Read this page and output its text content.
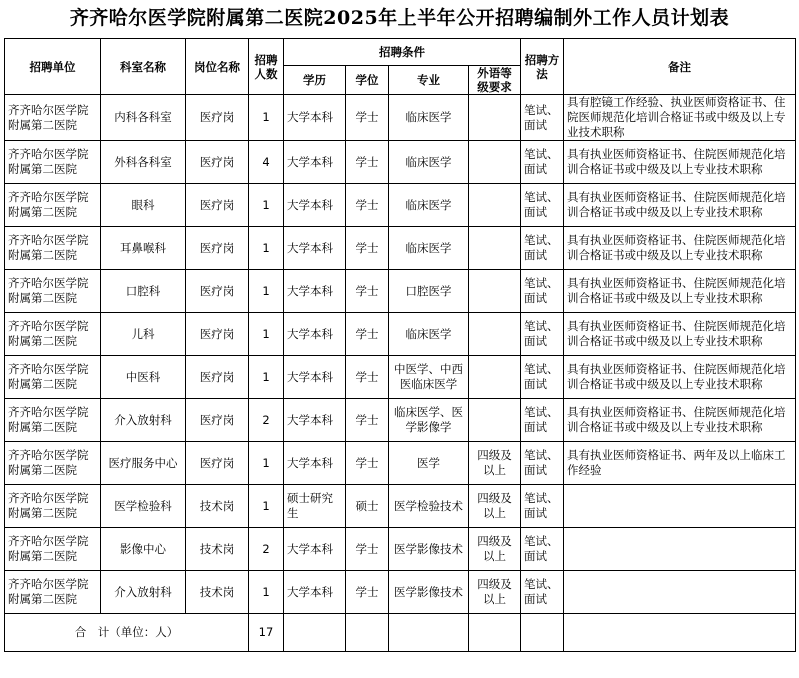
齐齐哈尔医学院附属第二医院2025年上半年公开招聘编制外工作人员计划表
招聘单位	科室名称	岗位名称	招聘人数	招聘条件				招聘方法	备注
				学历	学位	专业	外语等级要求		
齐齐哈尔医学院附属第二医院	内科各科室	医疗岗	1	大学本科	学士	临床医学		笔试、面试	具有腔镜工作经验、执业医师资格证书、住院医师规范化培训合格证书或中级及以上专业技术职称
齐齐哈尔医学院附属第二医院	外科各科室	医疗岗	4	大学本科	学士	临床医学		笔试、面试	具有执业医师资格证书、住院医师规范化培训合格证书或中级及以上专业技术职称
齐齐哈尔医学院附属第二医院	眼科	医疗岗	1	大学本科	学士	临床医学		笔试、面试	具有执业医师资格证书、住院医师规范化培训合格证书或中级及以上专业技术职称
齐齐哈尔医学院附属第二医院	耳鼻喉科	医疗岗	1	大学本科	学士	临床医学		笔试、面试	具有执业医师资格证书、住院医师规范化培训合格证书或中级及以上专业技术职称
齐齐哈尔医学院附属第二医院	口腔科	医疗岗	1	大学本科	学士	口腔医学		笔试、面试	具有执业医师资格证书、住院医师规范化培训合格证书或中级及以上专业技术职称
齐齐哈尔医学院附属第二医院	儿科	医疗岗	1	大学本科	学士	临床医学		笔试、面试	具有执业医师资格证书、住院医师规范化培训合格证书或中级及以上专业技术职称
齐齐哈尔医学院附属第二医院	中医科	医疗岗	1	大学本科	学士	中医学、中西医临床医学		笔试、面试	具有执业医师资格证书、住院医师规范化培训合格证书或中级及以上专业技术职称
齐齐哈尔医学院附属第二医院	介入放射科	医疗岗	2	大学本科	学士	临床医学、医学影像学		笔试、面试	具有执业医师资格证书、住院医师规范化培训合格证书或中级及以上专业技术职称
齐齐哈尔医学院附属第二医院	医疗服务中心	医疗岗	1	大学本科	学士	医学	四级及以上	笔试、面试	具有执业医师资格证书、两年及以上临床工作经验
齐齐哈尔医学院附属第二医院	医学检验科	技术岗	1	硕士研究生	硕士	医学检验技术	四级及以上	笔试、面试	
齐齐哈尔医学院附属第二医院	影像中心	技术岗	2	大学本科	学士	医学影像技术	四级及以上	笔试、面试	
齐齐哈尔医学院附属第二医院	介入放射科	技术岗	1	大学本科	学士	医学影像技术	四级及以上	笔试、面试	
合　计（单位：人）			17						
